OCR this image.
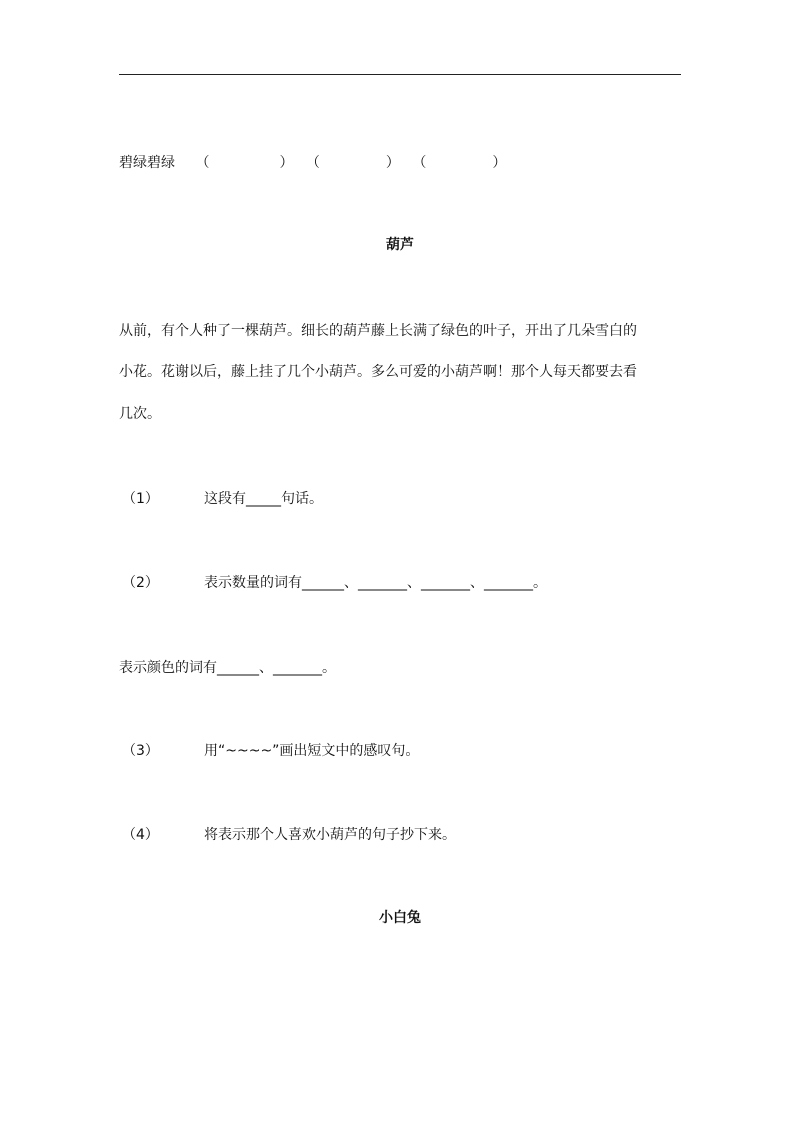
碧绿碧绿 （	） （	） （	）
葫芦
从前，有个人种了一棵葫芦。细长的葫芦藤上长满了绿色的叶子，开出了几朵雪白的
小花。花谢以后，藤上挂了几个小葫芦。多么可爱的小葫芦啊！那个人每天都要去看
几次。
（1）	这段有_____句话。
（2）	表示数量的词有______、_______、_______、_______。
表示颜色的词有______、_______。
（3）	用“~~~~”画出短文中的感叹句。
（4）	将表示那个人喜欢小葫芦的句子抄下来。
小白兔
